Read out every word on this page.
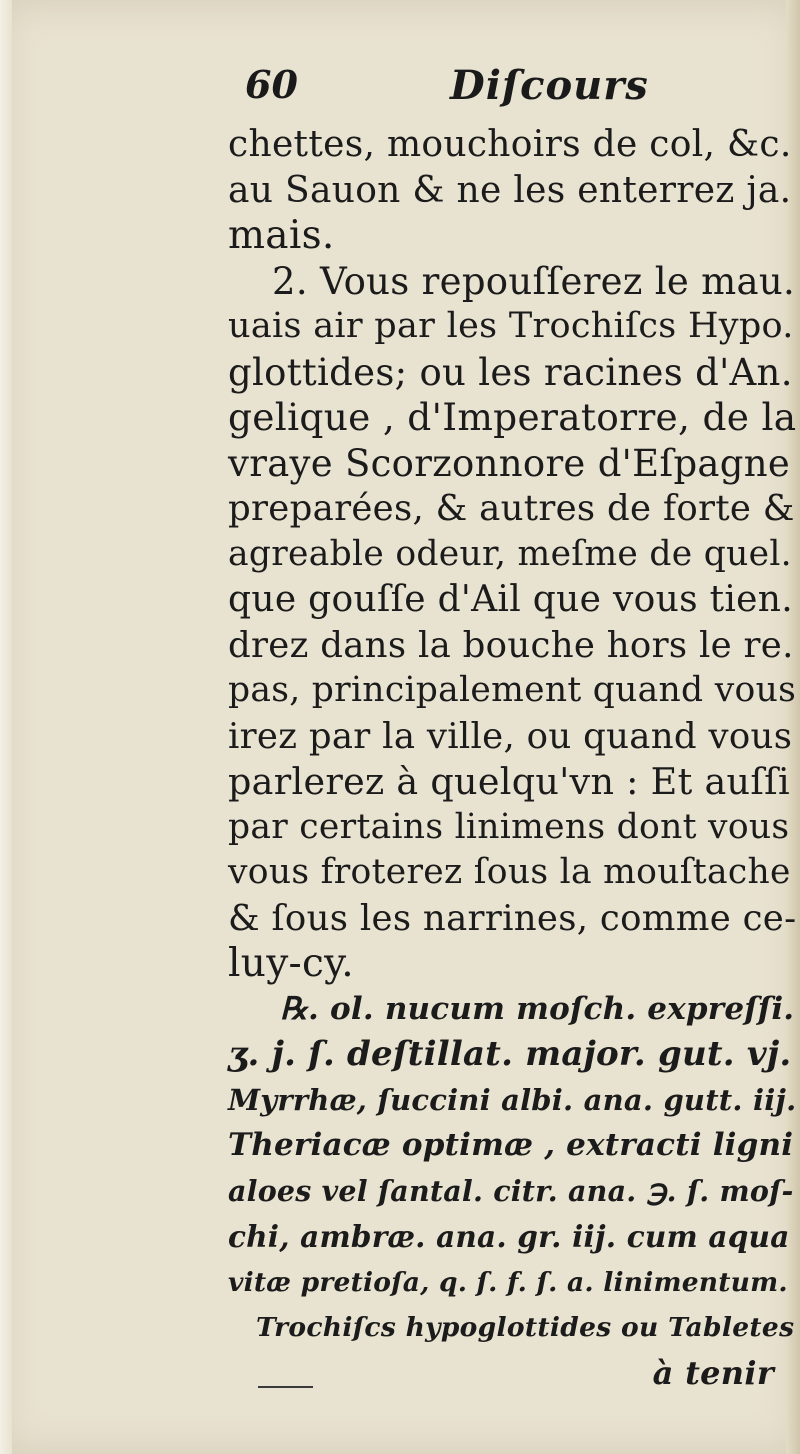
60	Diſcours
chettes, mouchoirs de col, &c.
au Sauon & ne les enterrez ja.
mais.
2. Vous repouſſerez le mau.
uais air par les Trochiſcs Hypo.
glottides; ou les racines d'An.
gelique , d'Imperatorre, de la
vraye Scorzonnore d'Eſpagne
preparées, & autres de forte &
agreable odeur, meſme de quel.
que gouſſe d'Ail que vous tien.
drez dans la bouche hors le re.
pas, principalement quand vous
irez par la ville, ou quand vous
parlerez à quelqu'vn : Et auſſi
par certains linimens dont vous
vous froterez ſous la mouſtache
& ſous les narrines, comme ce-
luy-cy.
℞. ol. nucum moſch. expreſſi.
ʒ. j. ſ. deſtillat. major. gut. vj.
Myrrhæ, ſuccini albi. ana. gutt. iij.
Theriacæ optimæ , extracti ligni
aloes vel ſantal. citr. ana. ℈. ſ. moſ-
chi, ambræ. ana. gr. iij. cum aqua
vitæ pretioſa, q. ſ. f. ſ. a. linimentum.
Trochiſcs hypoglottides ou Tabletes
à tenir
